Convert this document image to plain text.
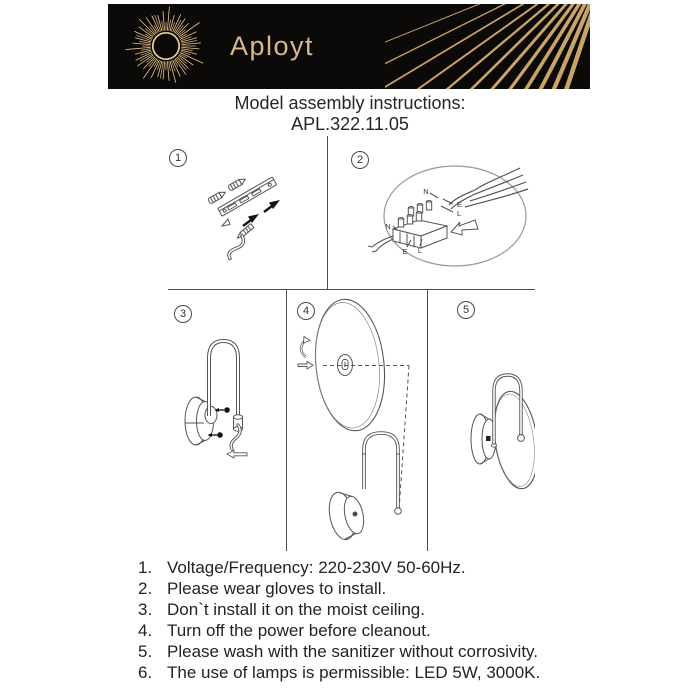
Aployt
Model assembly instructions:
APL.322.11.05
1	2
3	4	5
N
E
L
N
E L
1. Voltage/Frequency: 220-230V 50-60Hz.
2. Please wear gloves to install.
3. Don`t install it on the moist ceiling.
4. Turn off the power before cleanout.
5. Please wash with the sanitizer without corrosivity.
6. The use of lamps is permissible: LED 5W, 3000K.
